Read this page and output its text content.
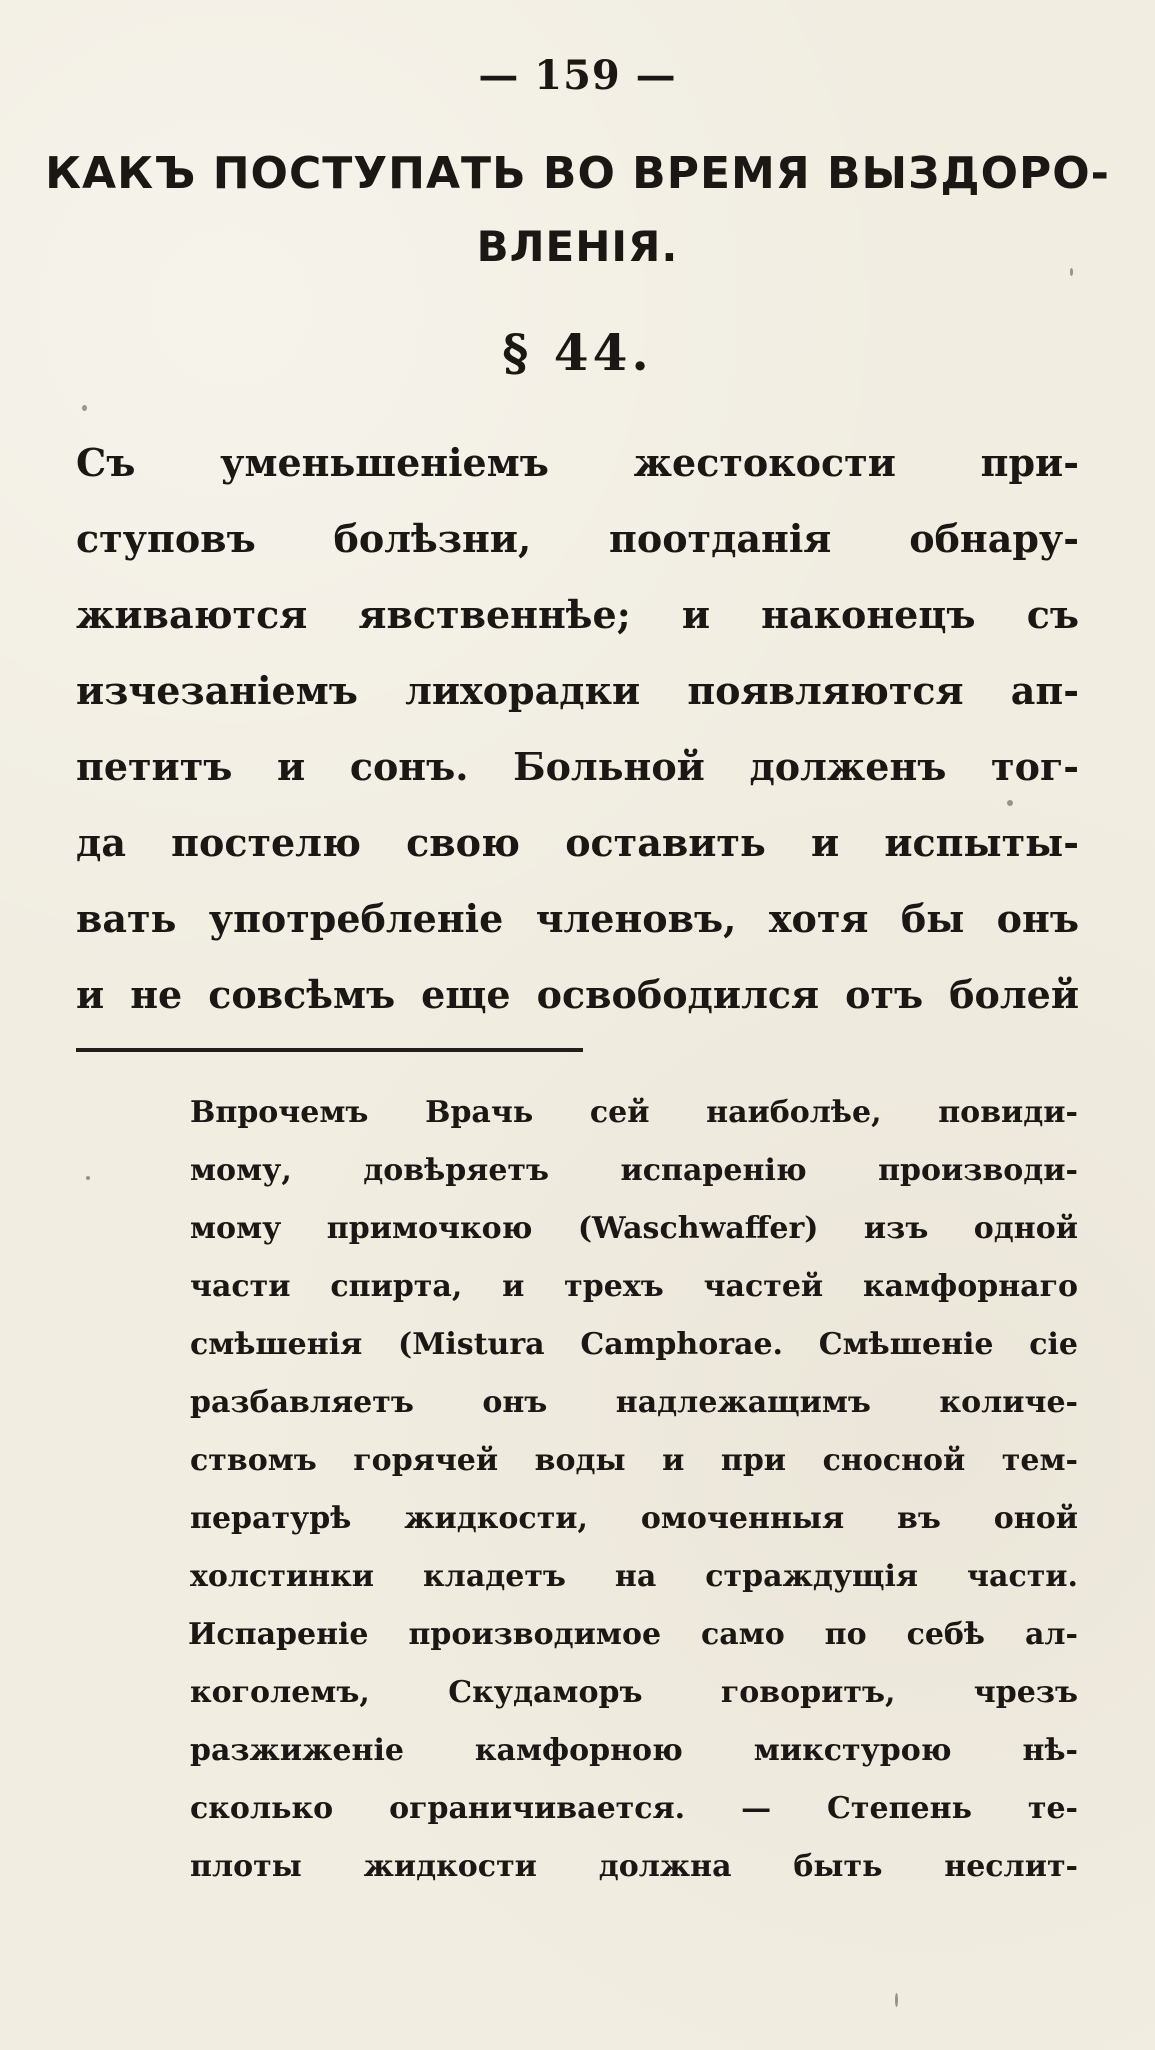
— 159 —
КАКЪ ПОСТУПАТЬ ВО ВРЕМЯ ВЫЗДОРО-
ВЛЕНІЯ.
§ 44.
Съ уменьшеніемъ жестокости при-
ступовъ болѣзни, поотданія обнару-
живаются явственнѣе; и наконецъ съ
изчезаніемъ лихорадки появляются ап-
петитъ и сонъ. Больной долженъ тог-
да постелю свою оставить и испыты-
вать употребленіе членовъ, хотя бы онъ
и не совсѣмъ еще освободился отъ болей
Впрочемъ Врачь сей наиболѣе, повиди-
мому, довѣряетъ испаренію производи-
мому примочкою (Waschwaffer) изъ одной
части спирта, и трехъ частей камфорнаго
смѣшенія (Mistura Camphorae. Смѣшеніе сіе
разбавляетъ онъ надлежащимъ количе-
ствомъ горячей воды и при сносной тем-
пературѣ жидкости, омоченныя въ оной
холстинки кладетъ на страждущія части.
Испареніе производимое само по себѣ ал-
коголемъ, Скудаморъ говоритъ, чрезъ
разжиженіе камфорною микстурою нѣ-
сколько ограничивается. — Степень те-
плоты жидкости должна быть неслит-
